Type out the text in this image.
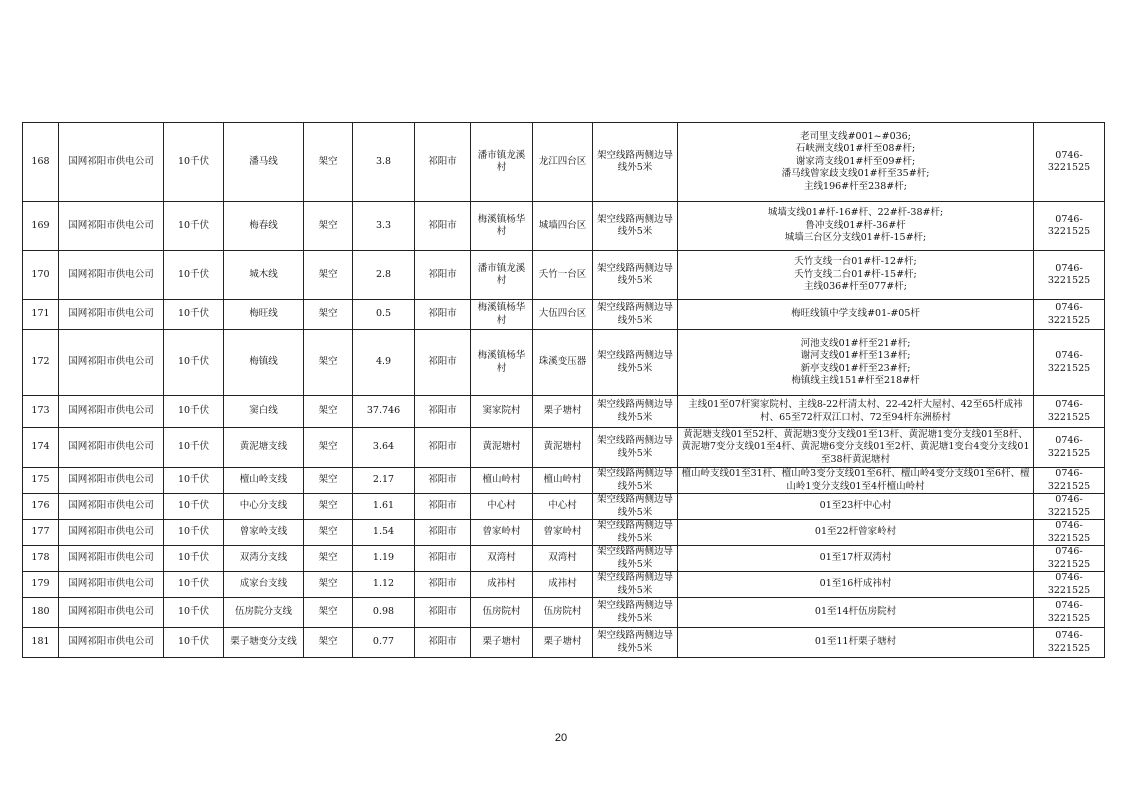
168	国网祁阳市供电公司	10千伏	潘马线	架空	3.8	祁阳市	潘市镇龙溪村	龙江四台区	架空线路两侧边导线外5米	老司里支线#001~#036;
石峡洲支线01#杆至08#杆;
谢家湾支线01#杆至09#杆;
潘马线曾家歧支线01#杆至35#杆;
主线196#杆至238#杆;	0746-3221525
169	国网祁阳市供电公司	10千伏	梅春线	架空	3.3	祁阳市	梅溪镇杨华村	城墙四台区	架空线路两侧边导线外5米	城墙支线01#杆-16#杆、22#杆-38#杆;
鲁冲支线01#杆-36#杆
城墙三台区分支线01#杆-15#杆;	0746-3221525
170	国网祁阳市供电公司	10千伏	城木线	架空	2.8	祁阳市	潘市镇龙溪村	夭竹一台区	架空线路两侧边导线外5米	夭竹支线一台01#杆-12#杆;
夭竹支线二台01#杆-15#杆;
主线036#杆至077#杆;	0746-3221525
171	国网祁阳市供电公司	10千伏	梅旺线	架空	0.5	祁阳市	梅溪镇杨华村	大伍四台区	架空线路两侧边导线外5米	梅旺线镇中学支线#01-#05杆	0746-3221525
172	国网祁阳市供电公司	10千伏	梅镇线	架空	4.9	祁阳市	梅溪镇杨华村	珠溪变压器	架空线路两侧边导线外5米	河池支线01#杆至21#杆;
谢河支线01#杆至13#杆;
新亭支线01#杆至23#杆;
梅镇线主线151#杆至218#杆	0746-3221525
173	国网祁阳市供电公司	10千伏	窦白线	架空	37.746	祁阳市	窦家院村	栗子塘村	架空线路两侧边导线外5米	主线01至07杆窦家院村、主线8-22杆清太村、22-42杆大屋村、42至65杆成祎村、65至72杆双江口村、72至94杆东洲桥村	0746-3221525
174	国网祁阳市供电公司	10千伏	黄泥塘支线	架空	3.64	祁阳市	黄泥塘村	黄泥塘村	架空线路两侧边导线外5米	黄泥塘支线01至52杆、黄泥塘3变分支线01至13杆、黄泥塘1变分支线01至8杆、黄泥塘7变分支线01至4杆、黄泥塘6变分支线01至2杆、黄泥塘1变台4变分支线01至38杆黄泥塘村	0746-3221525
175	国网祁阳市供电公司	10千伏	檀山岭支线	架空	2.17	祁阳市	檀山岭村	檀山岭村	架空线路两侧边导线外5米	檀山岭支线01至31杆、檀山岭3变分支线01至6杆、檀山岭4变分支线01至6杆、檀山岭1变分支线01至4杆檀山岭村	0746-3221525
176	国网祁阳市供电公司	10千伏	中心分支线	架空	1.61	祁阳市	中心村	中心村	架空线路两侧边导线外5米	01至23杆中心村	0746-3221525
177	国网祁阳市供电公司	10千伏	曾家岭支线	架空	1.54	祁阳市	曾家岭村	曾家岭村	架空线路两侧边导线外5米	01至22杆曾家岭村	0746-3221525
178	国网祁阳市供电公司	10千伏	双湾分支线	架空	1.19	祁阳市	双湾村	双湾村	架空线路两侧边导线外5米	01至17杆双湾村	0746-3221525
179	国网祁阳市供电公司	10千伏	成家台支线	架空	1.12	祁阳市	成祎村	成祎村	架空线路两侧边导线外5米	01至16杆成祎村	0746-3221525
180	国网祁阳市供电公司	10千伏	伍房院分支线	架空	0.98	祁阳市	伍房院村	伍房院村	架空线路两侧边导线外5米	01至14杆伍房院村	0746-3221525
181	国网祁阳市供电公司	10千伏	栗子塘变分支线	架空	0.77	祁阳市	栗子塘村	栗子塘村	架空线路两侧边导线外5米	01至11杆栗子塘村	0746-3221525
20
